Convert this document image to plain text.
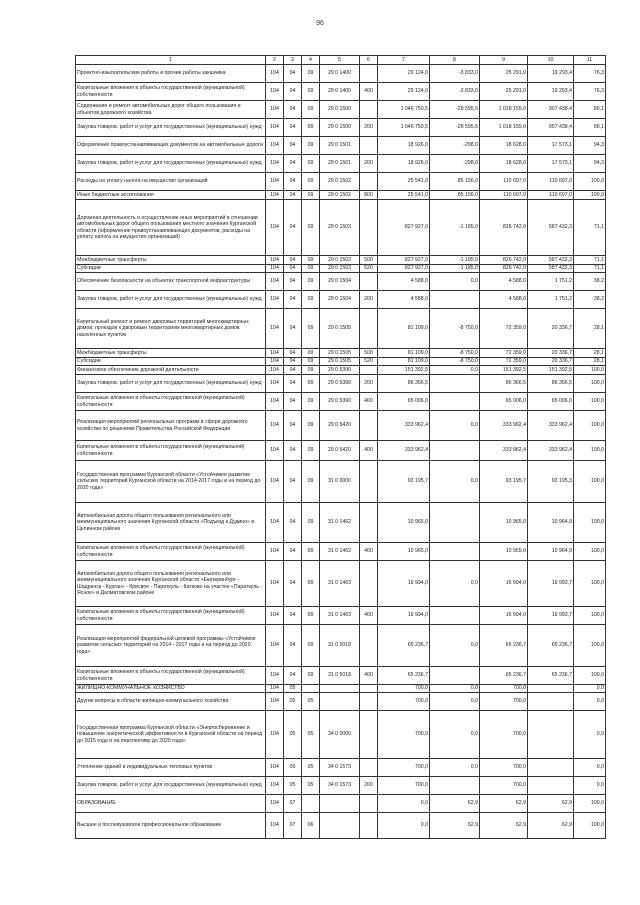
96
1	2	3	4	5	6	7	8	9	10	11
Проектно-изыскательские работы и прочие работы заказчика	104	04	09	29 0 1400		29 124,0	-3 833,0	25 291,0	19 293,4	76,3
Капитальные вложения в объекты государственной (муниципальной) собственности	104	04	09	29 0 1400	400	29 124,0	-3 833,0	25 291,0	19 293,4	76,3
Содержание и ремонт автомобильных дорог общего пользования и объектов дорожного хозяйства	104	04	09	29 0 1500		1 046 750,5	-28 595,5	1 018 155,0	907 438,4	89,1
Закупка товаров, работ и услуг для государственных (муниципальных) нужд	104	04	09	29 0 1500	200	1 046 750,5	-28 595,5	1 018 155,0	907 438,4	89,1
Оформление правоустанавливающих документов на автомобильные дороги	104	04	09	29 0 1501		18 926,0	-298,0	18 628,0	17 573,1	94,3
Закупка товаров, работ и услуг для государственных (муниципальных) нужд	104	04	09	29 0 1501	200	18 926,0	-298,0	18 628,0	17 573,1	94,3
Расходы на уплату налога на имущество организаций	104	04	09	29 0 1502		25 541,0	85 156,0	110 697,0	110 697,0	100,0
Иные бюджетные ассигнования	104	04	09	29 0 1502	800	25 541,0	85 156,0	110 697,0	110 697,0	100,0
Дорожная деятельность и осуществление иных мероприятий в отношении автомобильных дорог общего пользования местного значения Курганской области (оформление правоустанавливающих документов, расходы на уплату налога на имущество организаций)	104	04	09	29 0 1503		827 927,0	-1 185,0	826 742,0	587 432,3	71,1
Межбюджетные трансферты	104	04	09	29 0 1503	500	827 927,0	-1 185,0	826 742,0	587 432,3	71,1
Субсидии	104	04	09	29 0 1503	520	827 927,0	-1 185,0	826 742,0	587 432,3	71,1
Обеспечение безопасности на объектах транспортной инфраструктуры	104	04	09	29 0 1504		4 588,0	0,0	4 588,0	1 751,2	38,2
Закупка товаров, работ и услуг для государственных (муниципальных) нужд	104	04	09	29 0 1504	200	4 588,0		4 588,0	1 751,2	38,2
Капитальный ремонт и ремонт дворовых территорий многоквартирных домов, проездов к дворовым территориям многоквартирных домов населенных пунктов	104	04	09	29 0 1505		81 109,0	-8 750,0	72 359,0	20 336,7	28,1
Межбюджетные трансферты	104	04	09	29 0 1505	500	81 109,0	-8 750,0	72 359,0	20 336,7	28,1
Субсидии	104	04	09	29 0 1505	520	81 109,0	-8 750,0	72 359,0	20 336,7	28,1
Финансовое обеспечение дорожной деятельности	104	04	09	29 0 5390		151 392,5	0,0	151 392,5	151 392,5	100,0
Закупка товаров, работ и услуг для государственных (муниципальных) нужд	104	04	09	29 0 5390	200	86 366,5		86 366,5	86 366,5	100,0
Капитальные вложения в объекты государственной (муниципальной) собственности	104	04	09	29 0 5390	400	65 006,0		65 006,0	65 006,0	100,0
Реализация мероприятий региональных программ в сфере дорожного хозяйства по решениям Правительства Российской Федерации	104	04	09	29 0 5420		333 962,4	0,0	333 962,4	333 962,4	100,0
Капитальные вложения в объекты государственной (муниципальной) собственности	104	04	09	29 0 5420	400	333 962,4		333 962,4	333 962,4	100,0
Государственная программа Курганской области «Устойчивое развитие сельских территорий Курганской области на 2014-2017 годы и на период до 2020 года»	104	04	09	31 0 0000		93 195,7	0,0	93 195,7	93 195,3	100,0
Автомобильная дорога общего пользования регионального или межмуниципального значения Курганской области «Подъезд к Дудино» в Целинном районе	104	04	09	31 0 1462		10 965,0		10 965,0	10 964,9	100,0
Капитальные вложения в объекты государственной (муниципальной) собственности	104	04	09	31 0 1462	400	10 965,0		10 965,0	10 964,9	100,0
Автомобильная дорога общего пользования регионального или межмуниципального значения Курганской области «Екатеринбург - Шадринск - Курган» - Крисвое - Параткуль - Катково на участке «Параткуль - Ясное» в Далматовском районе	104	04	09	31 0 1463		16 994,0	0,0	16 994,0	16 993,7	100,0
Капитальные вложения в объекты государственной (муниципальной) собственности	104	04	09	31 0 1463	400	16 994,0		16 994,0	16 993,7	100,0
Реализация мероприятий федеральной целевой программы «Устойчивое развитие сельских территорий на 2014 - 2017 годы и на период до 2020 года»	104	04	09	31 0 5018		65 236,7	0,0	65 236,7	65 236,7	100,0
Капитальные вложения в объекты государственной (муниципальной) собственности	104	04	09	31 0 5018	400	65 236,7		65 236,7	65 236,7	100,0
ЖИЛИЩНО-КОММУНАЛЬНОЕ ХОЗЯЙСТВО	104	05				700,0	0,0	700,0		0,0
Другие вопросы в области жилищно-коммунального хозяйства	104	05	05			700,0	0,0	700,0		0,0
Государственная программа Курганской области «Энергосбережение и повышение энергетической эффективности в Курганской области на период до 2015 года и на перспективу до 2020 года»	104	05	05	34 0 0000		700,0	0,0	700,0		0,0
Утепление зданий и индивидуальных тепловых пунктов	104	05	05	34 0 1573		700,0	0,0	700,0		0,0
Закупка товаров, работ и услуг для государственных (муниципальных) нужд	104	05	05	34 0 1573	200	700,0		700,0		0,0
ОБРАЗОВАНИЕ	104	07				0,0	62,9	62,9	62,9	100,0
Высшее и послевузовское профессиональное образование	104	07	06			0,0	62,9	62,9	62,9	100,0
